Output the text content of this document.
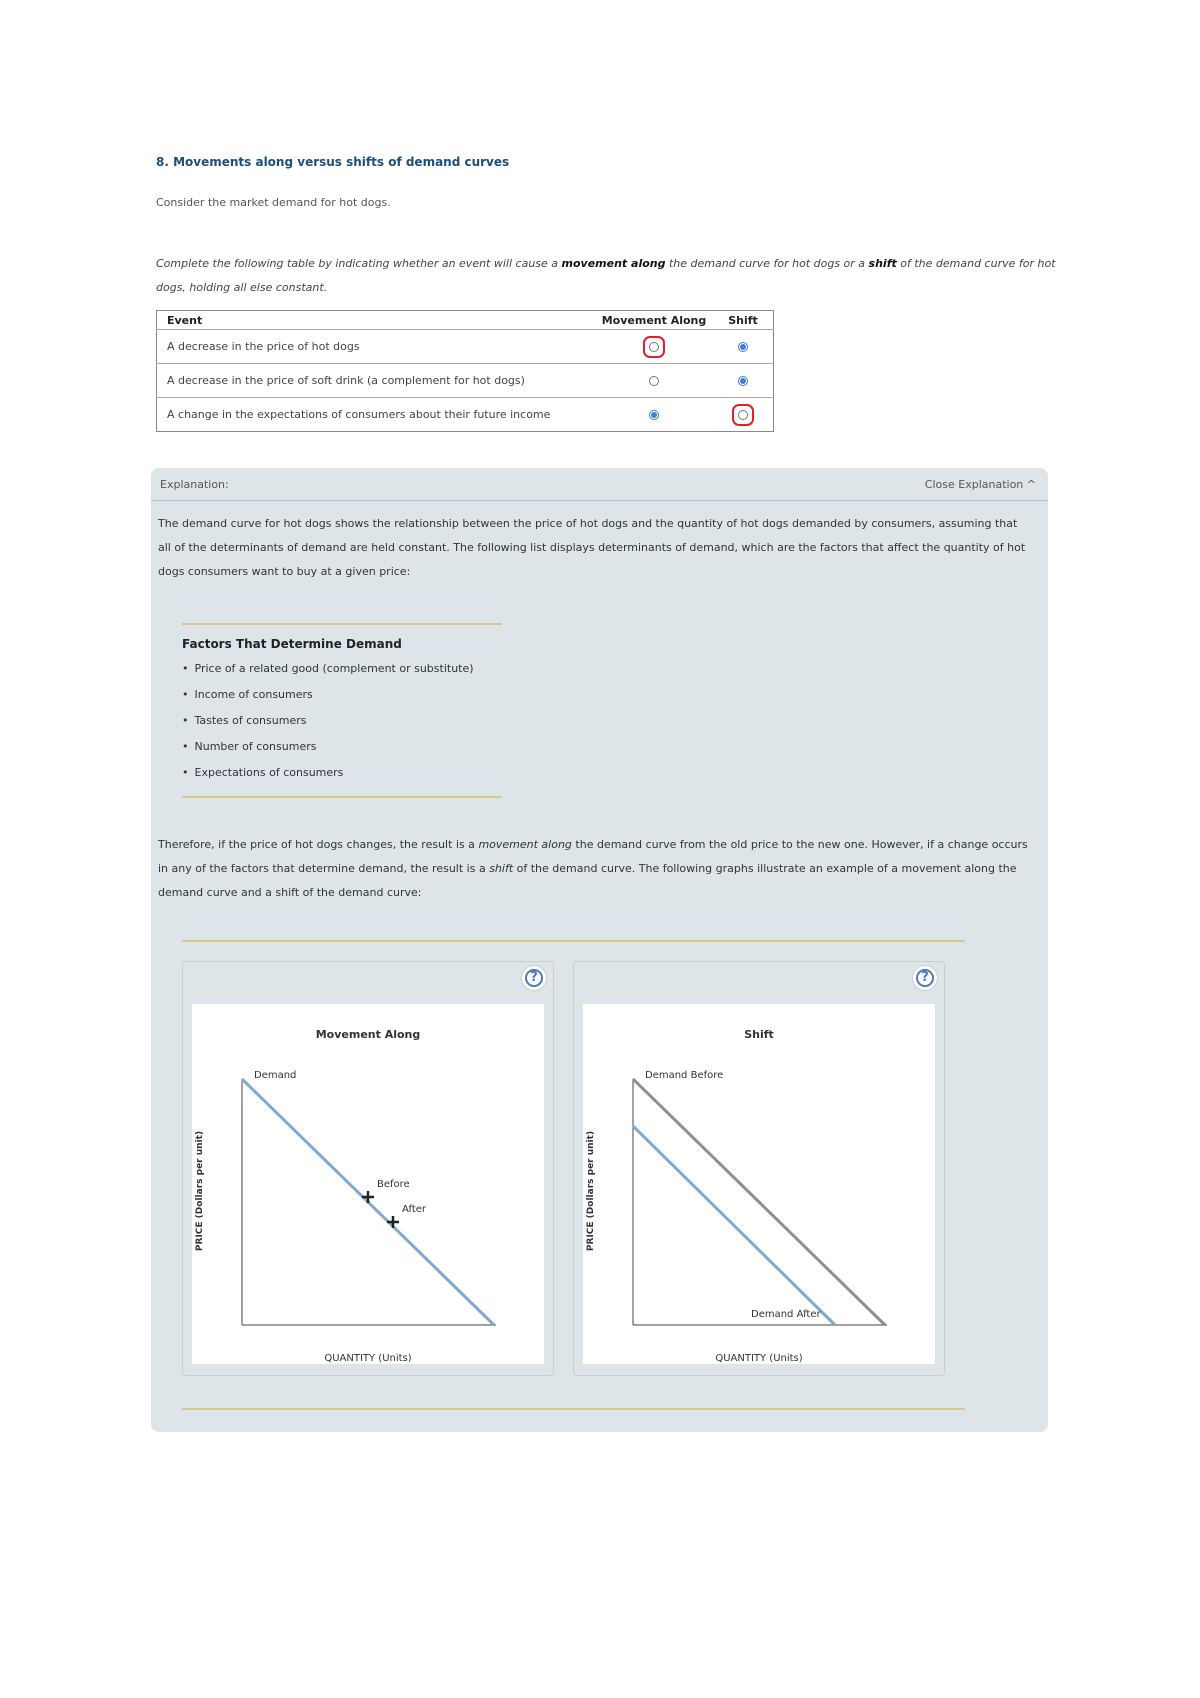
8. Movements along versus shifts of demand curves
Consider the market demand for hot dogs.
Complete the following table by indicating whether an event will cause a movement along the demand curve for hot dogs or a shift of the demand curve for hot dogs, holding all else constant.
Event	Movement Along	Shift
A decrease in the price of hot dogs		
A decrease in the price of soft drink (a complement for hot dogs)		
A change in the expectations of consumers about their future income		
Explanation:	Close Explanation ^
The demand curve for hot dogs shows the relationship between the price of hot dogs and the quantity of hot dogs demanded by consumers, assuming that all of the determinants of demand are held constant. The following list displays determinants of demand, which are the factors that affect the quantity of hot dogs consumers want to buy at a given price:
Factors That Determine Demand
• Price of a related good (complement or substitute)
• Income of consumers
• Tastes of consumers
• Number of consumers
• Expectations of consumers
Therefore, if the price of hot dogs changes, the result is a movement along the demand curve from the old price to the new one. However, if a change occurs in any of the factors that determine demand, the result is a shift of the demand curve. The following graphs illustrate an example of a movement along the demand curve and a shift of the demand curve:
?
Movement Along
PRICE (Dollars per unit)
QUANTITY (Units)
Demand
Before
After
?
Shift
PRICE (Dollars per unit)
QUANTITY (Units)
Demand Before
Demand After
